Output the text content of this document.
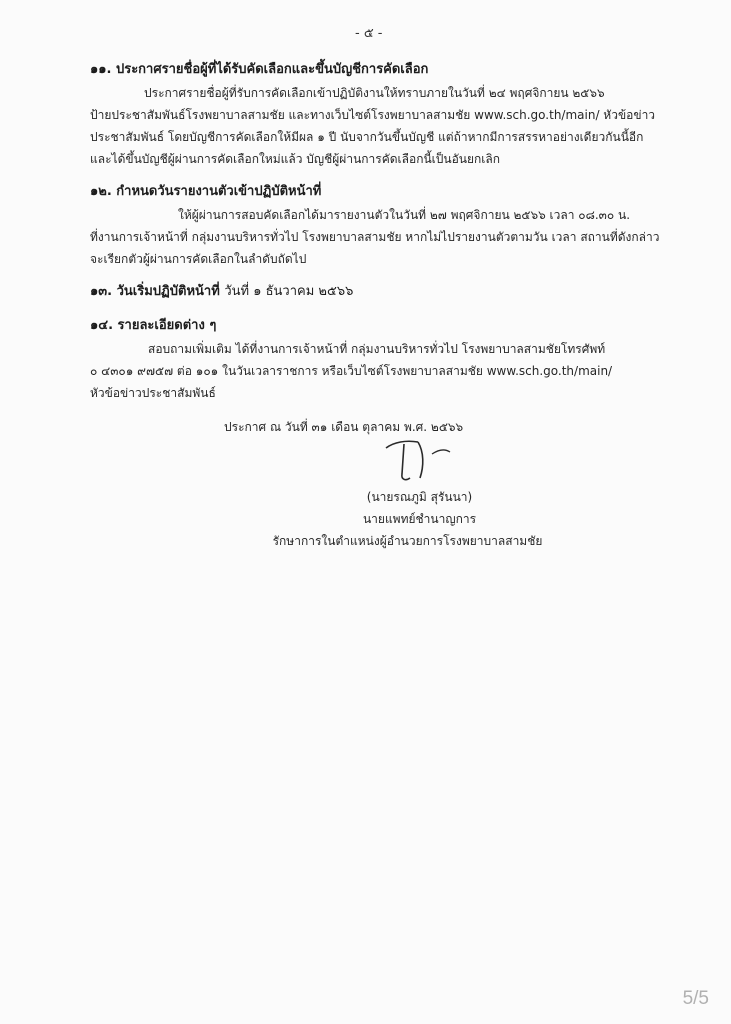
- ๕ -
๑๑. ประกาศรายชื่อผู้ที่ได้รับคัดเลือกและขึ้นบัญชีการคัดเลือก
ประกาศรายชื่อผู้ที่รับการคัดเลือกเข้าปฏิบัติงานให้ทราบภายในวันที่ ๒๔ พฤศจิกายน ๒๕๖๖
ป้ายประชาสัมพันธ์โรงพยาบาลสามชัย และทางเว็บไซต์โรงพยาบาลสามชัย www.sch.go.th/main/ หัวข้อข่าว
ประชาสัมพันธ์ โดยบัญชีการคัดเลือกให้มีผล ๑ ปี นับจากวันขึ้นบัญชี แต่ถ้าหากมีการสรรหาอย่างเดียวกันนี้อีก
และได้ขึ้นบัญชีผู้ผ่านการคัดเลือกใหม่แล้ว บัญชีผู้ผ่านการคัดเลือกนี้เป็นอันยกเลิก
๑๒. กำหนดวันรายงานตัวเข้าปฏิบัติหน้าที่
ให้ผู้ผ่านการสอบคัดเลือกได้มารายงานตัวในวันที่ ๒๗ พฤศจิกายน ๒๕๖๖ เวลา ๐๘.๓๐ น.
ที่งานการเจ้าหน้าที่ กลุ่มงานบริหารทั่วไป โรงพยาบาลสามชัย หากไม่ไปรายงานตัวตามวัน เวลา สถานที่ดังกล่าว
จะเรียกตัวผู้ผ่านการคัดเลือกในลำดับถัดไป
๑๓. วันเริ่มปฏิบัติหน้าที่ วันที่ ๑ ธันวาคม ๒๕๖๖
๑๔. รายละเอียดต่าง ๆ
สอบถามเพิ่มเติม ได้ที่งานการเจ้าหน้าที่ กลุ่มงานบริหารทั่วไป โรงพยาบาลสามชัยโทรศัพท์
๐ ๔๓๐๑ ๙๗๕๗ ต่อ ๑๐๑ ในวันเวลาราชการ หรือเว็บไซต์โรงพยาบาลสามชัย www.sch.go.th/main/
หัวข้อข่าวประชาสัมพันธ์
ประกาศ ณ วันที่ ๓๑ เดือน ตุลาคม พ.ศ. ๒๕๖๖
(นายรณภูมิ สุรันนา)
นายแพทย์ชำนาญการ
รักษาการในตำแหน่งผู้อำนวยการโรงพยาบาลสามชัย
5/5
